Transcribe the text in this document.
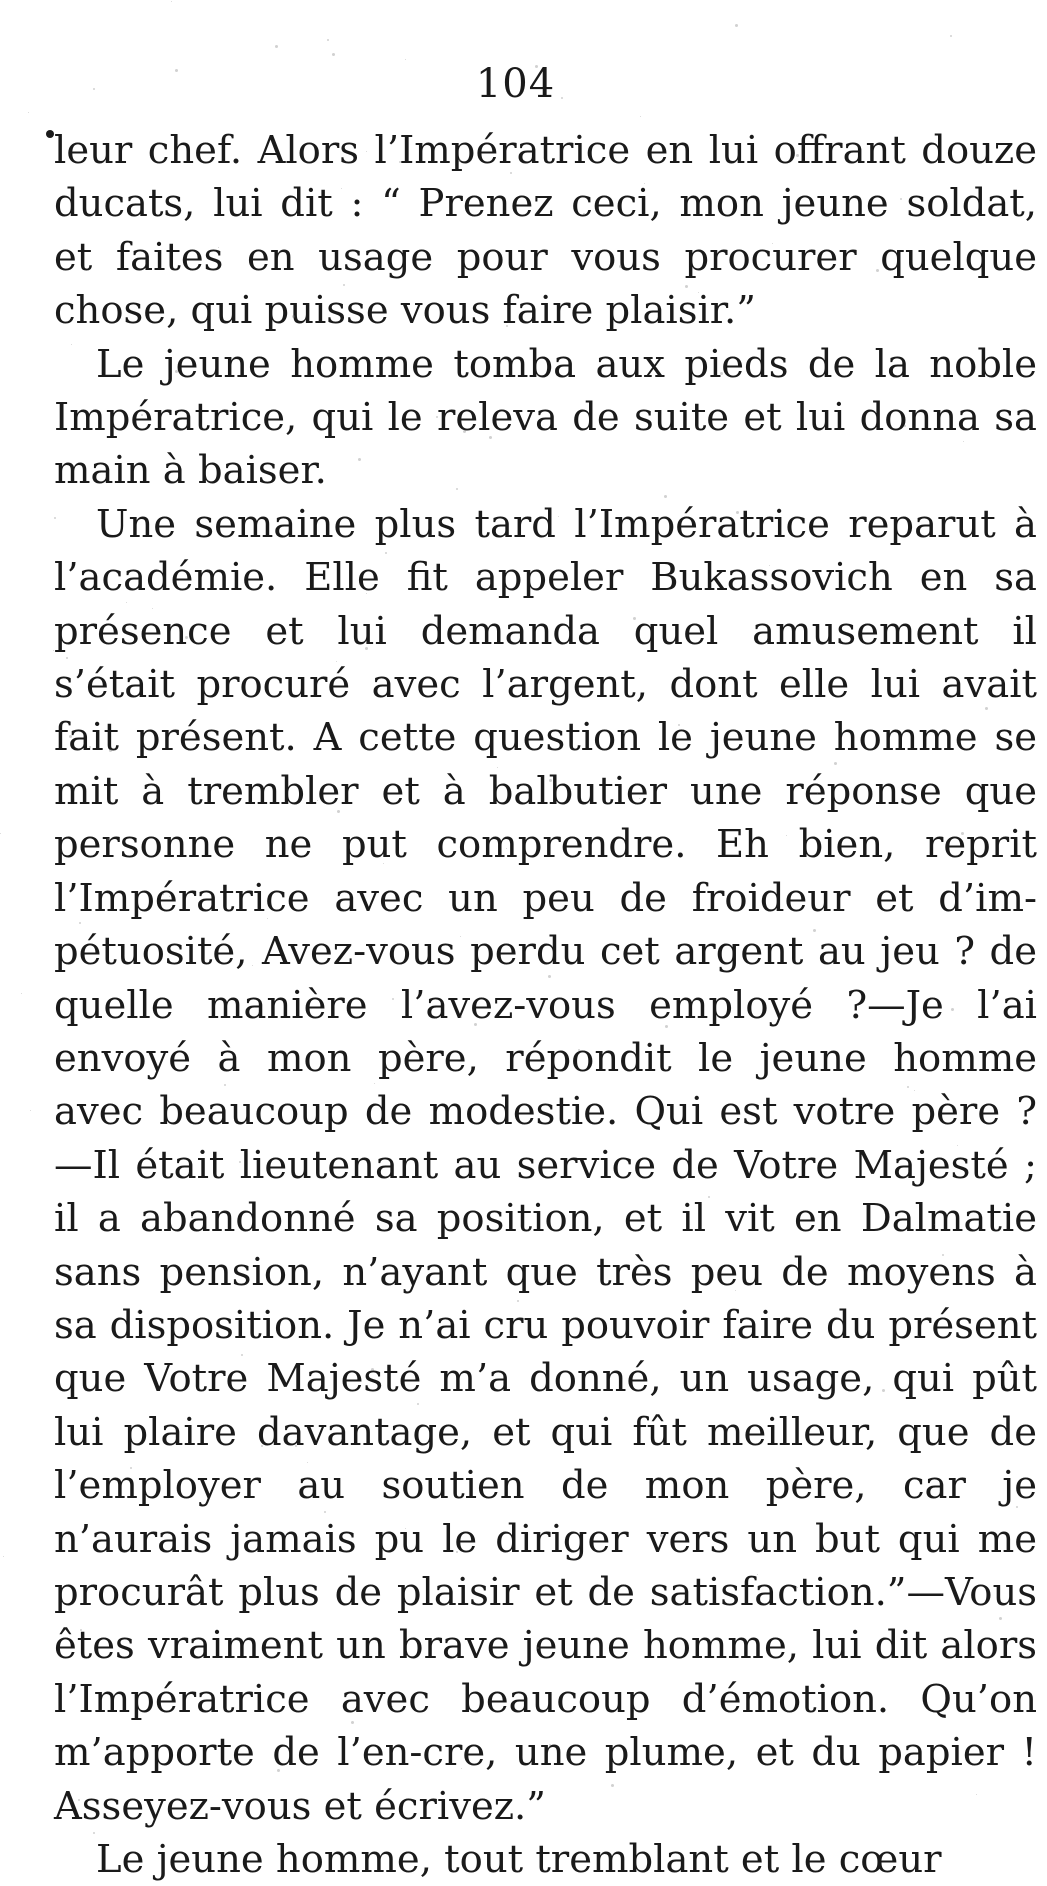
104

leur chef. Alors l’Impératrice en lui offrant douze ducats, lui dit : “ Prenez ceci, mon jeune soldat, et faites en usage pour vous procurer quelque chose, qui puisse vous faire plaisir.”

Le jeune homme tomba aux pieds de la noble Impératrice, qui le releva de suite et lui donna sa main à baiser.

Une semaine plus tard l’Impératrice reparut à l’académie. Elle fit appeler Bukassovich en sa présence et lui demanda quel amusement il s’était procuré avec l’argent, dont elle lui avait fait présent. A cette question le jeune homme se mit à trembler et à balbutier une réponse que personne ne put comprendre. Eh bien, reprit l’Impératrice avec un peu de froideur et d’im-pétuosité, Avez-vous perdu cet argent au jeu ? de quelle manière l’avez-vous employé ?—Je l’ai envoyé à mon père, répondit le jeune homme avec beaucoup de modestie. Qui est votre père ?—Il était lieutenant au service de Votre Majesté ; il a abandonné sa position, et il vit en Dalmatie sans pension, n’ayant que très peu de moyens à sa disposition. Je n’ai cru pouvoir faire du présent que Votre Majesté m’a donné, un usage, qui pût lui plaire davantage, et qui fût meilleur, que de l’employer au soutien de mon père, car je n’aurais jamais pu le diriger vers un but qui me procurât plus de plaisir et de satisfaction.”—Vous êtes vraiment un brave jeune homme, lui dit alors l’Impératrice avec beaucoup d’émotion. Qu’on m’apporte de l’en-cre, une plume, et du papier ! Asseyez-vous et écrivez.”

Le jeune homme, tout tremblant et le cœur
